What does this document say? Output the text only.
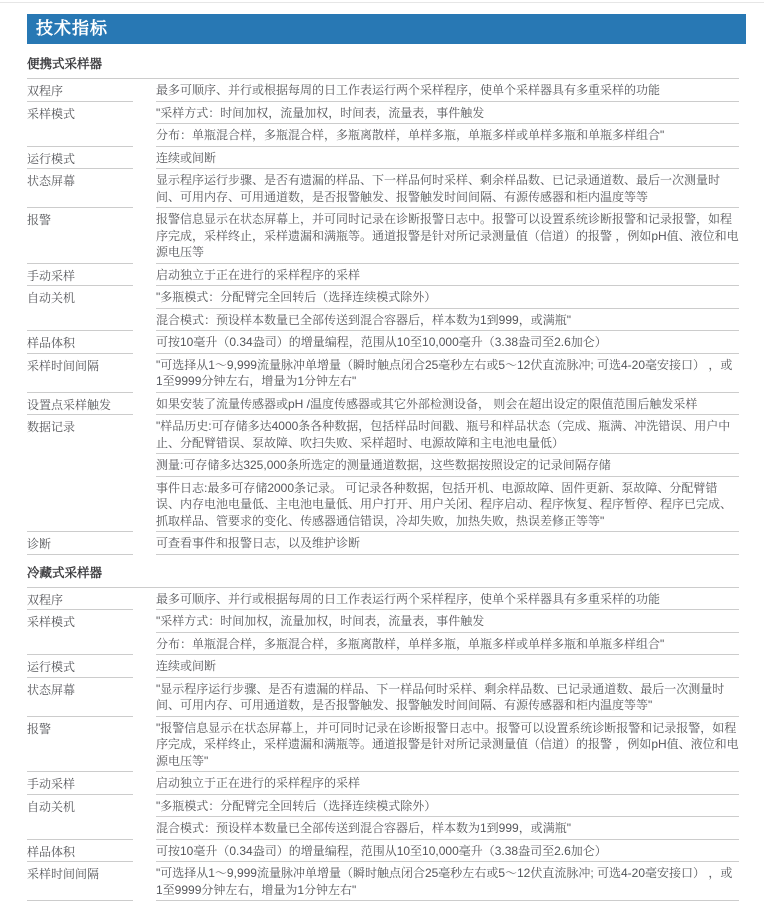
技术指标
便携式采样器
双程序	最多可顺序、并行或根据每周的日工作表运行两个采样程序，使单个采样器具有多重采样的功能
采样模式	"采样方式：时间加权，流量加权，时间表，流量表，事件触发
分布：单瓶混合样，多瓶混合样，多瓶离散样，单样多瓶，单瓶多样或单样多瓶和单瓶多样组合"
运行模式	连续或间断
状态屏幕	显示程序运行步骤、是否有遗漏的样品、下一样品何时采样、剩余样品数、已记录通道数、最后一次测量时间、可用内存、可用通道数，是否报警触发、报警触发时间间隔、有源传感器和柜内温度等等
报警	报警信息显示在状态屏幕上，并可同时记录在诊断报警日志中。报警可以设置系统诊断报警和记录报警，如程序完成，采样终止，采样遗漏和满瓶等。通道报警是针对所记录测量值（信道）的报警 ，例如pH值、液位和电源电压等
手动采样	启动独立于正在进行的采样程序的采样
自动关机	"多瓶模式：分配臂完全回转后（选择连续模式除外）
混合模式：预设样本数量已全部传送到混合容器后，样本数为1到999，或满瓶"
样品体积	可按10毫升（0.34盎司）的增量编程，范围从10至10,000毫升（3.38盎司至2.6加仑）
采样时间间隔	"可选择从1～9,999流量脉冲单增量（瞬时触点闭合25毫秒左右或5～12伏直流脉冲; 可选4-20毫安接口） ，或1至9999分钟左右，增量为1分钟左右"
设置点采样触发	如果安装了流量传感器或pH /温度传感器或其它外部检测设备， 则会在超出设定的限值范围后触发采样
数据记录	"样品历史:可存储多达4000条各种数据，包括样品时间戳、瓶号和样品状态（完成、瓶满、冲洗错误、用户中止、分配臂错误、泵故障、吹扫失败、采样超时、电源故障和主电池电量低）
测量:可存储多达325,000条所选定的测量通道数据，这些数据按照设定的记录间隔存储
事件日志:最多可存储2000条记录。 可记录各种数据，包括开机、电源故障、固件更新、泵故障、分配臂错误、内存电池电量低、主电池电量低、用户打开、用户关闭、程序启动、程序恢复、程序暂停、程序已完成、抓取样品、管要求的变化、传感器通信错误，冷却失败，加热失败，热误差修正等等"
诊断	可查看事件和报警日志，以及维护诊断
冷藏式采样器
双程序	最多可顺序、并行或根据每周的日工作表运行两个采样程序，使单个采样器具有多重采样的功能
采样模式	"采样方式：时间加权，流量加权，时间表，流量表，事件触发
分布：单瓶混合样，多瓶混合样，多瓶离散样，单样多瓶，单瓶多样或单样多瓶和单瓶多样组合"
运行模式	连续或间断
状态屏幕	"显示程序运行步骤、是否有遗漏的样品、下一样品何时采样、剩余样品数、已记录通道数、最后一次测量时间、可用内存、可用通道数，是否报警触发、报警触发时间间隔、有源传感器和柜内温度等等"
报警	"报警信息显示在状态屏幕上，并可同时记录在诊断报警日志中。报警可以设置系统诊断报警和记录报警，如程序完成，采样终止，采样遗漏和满瓶等。通道报警是针对所记录测量值（信道）的报警 ，例如pH值、液位和电源电压等"
手动采样	启动独立于正在进行的采样程序的采样
自动关机	"多瓶模式：分配臂完全回转后（选择连续模式除外）
混合模式：预设样本数量已全部传送到混合容器后，样本数为1到999，或满瓶"
样品体积	可按10毫升（0.34盎司）的增量编程，范围从10至10,000毫升（3.38盎司至2.6加仑）
采样时间间隔	"可选择从1～9,999流量脉冲单增量（瞬时触点闭合25毫秒左右或5～12伏直流脉冲; 可选4-20毫安接口） ，或1至9999分钟左右，增量为1分钟左右"
